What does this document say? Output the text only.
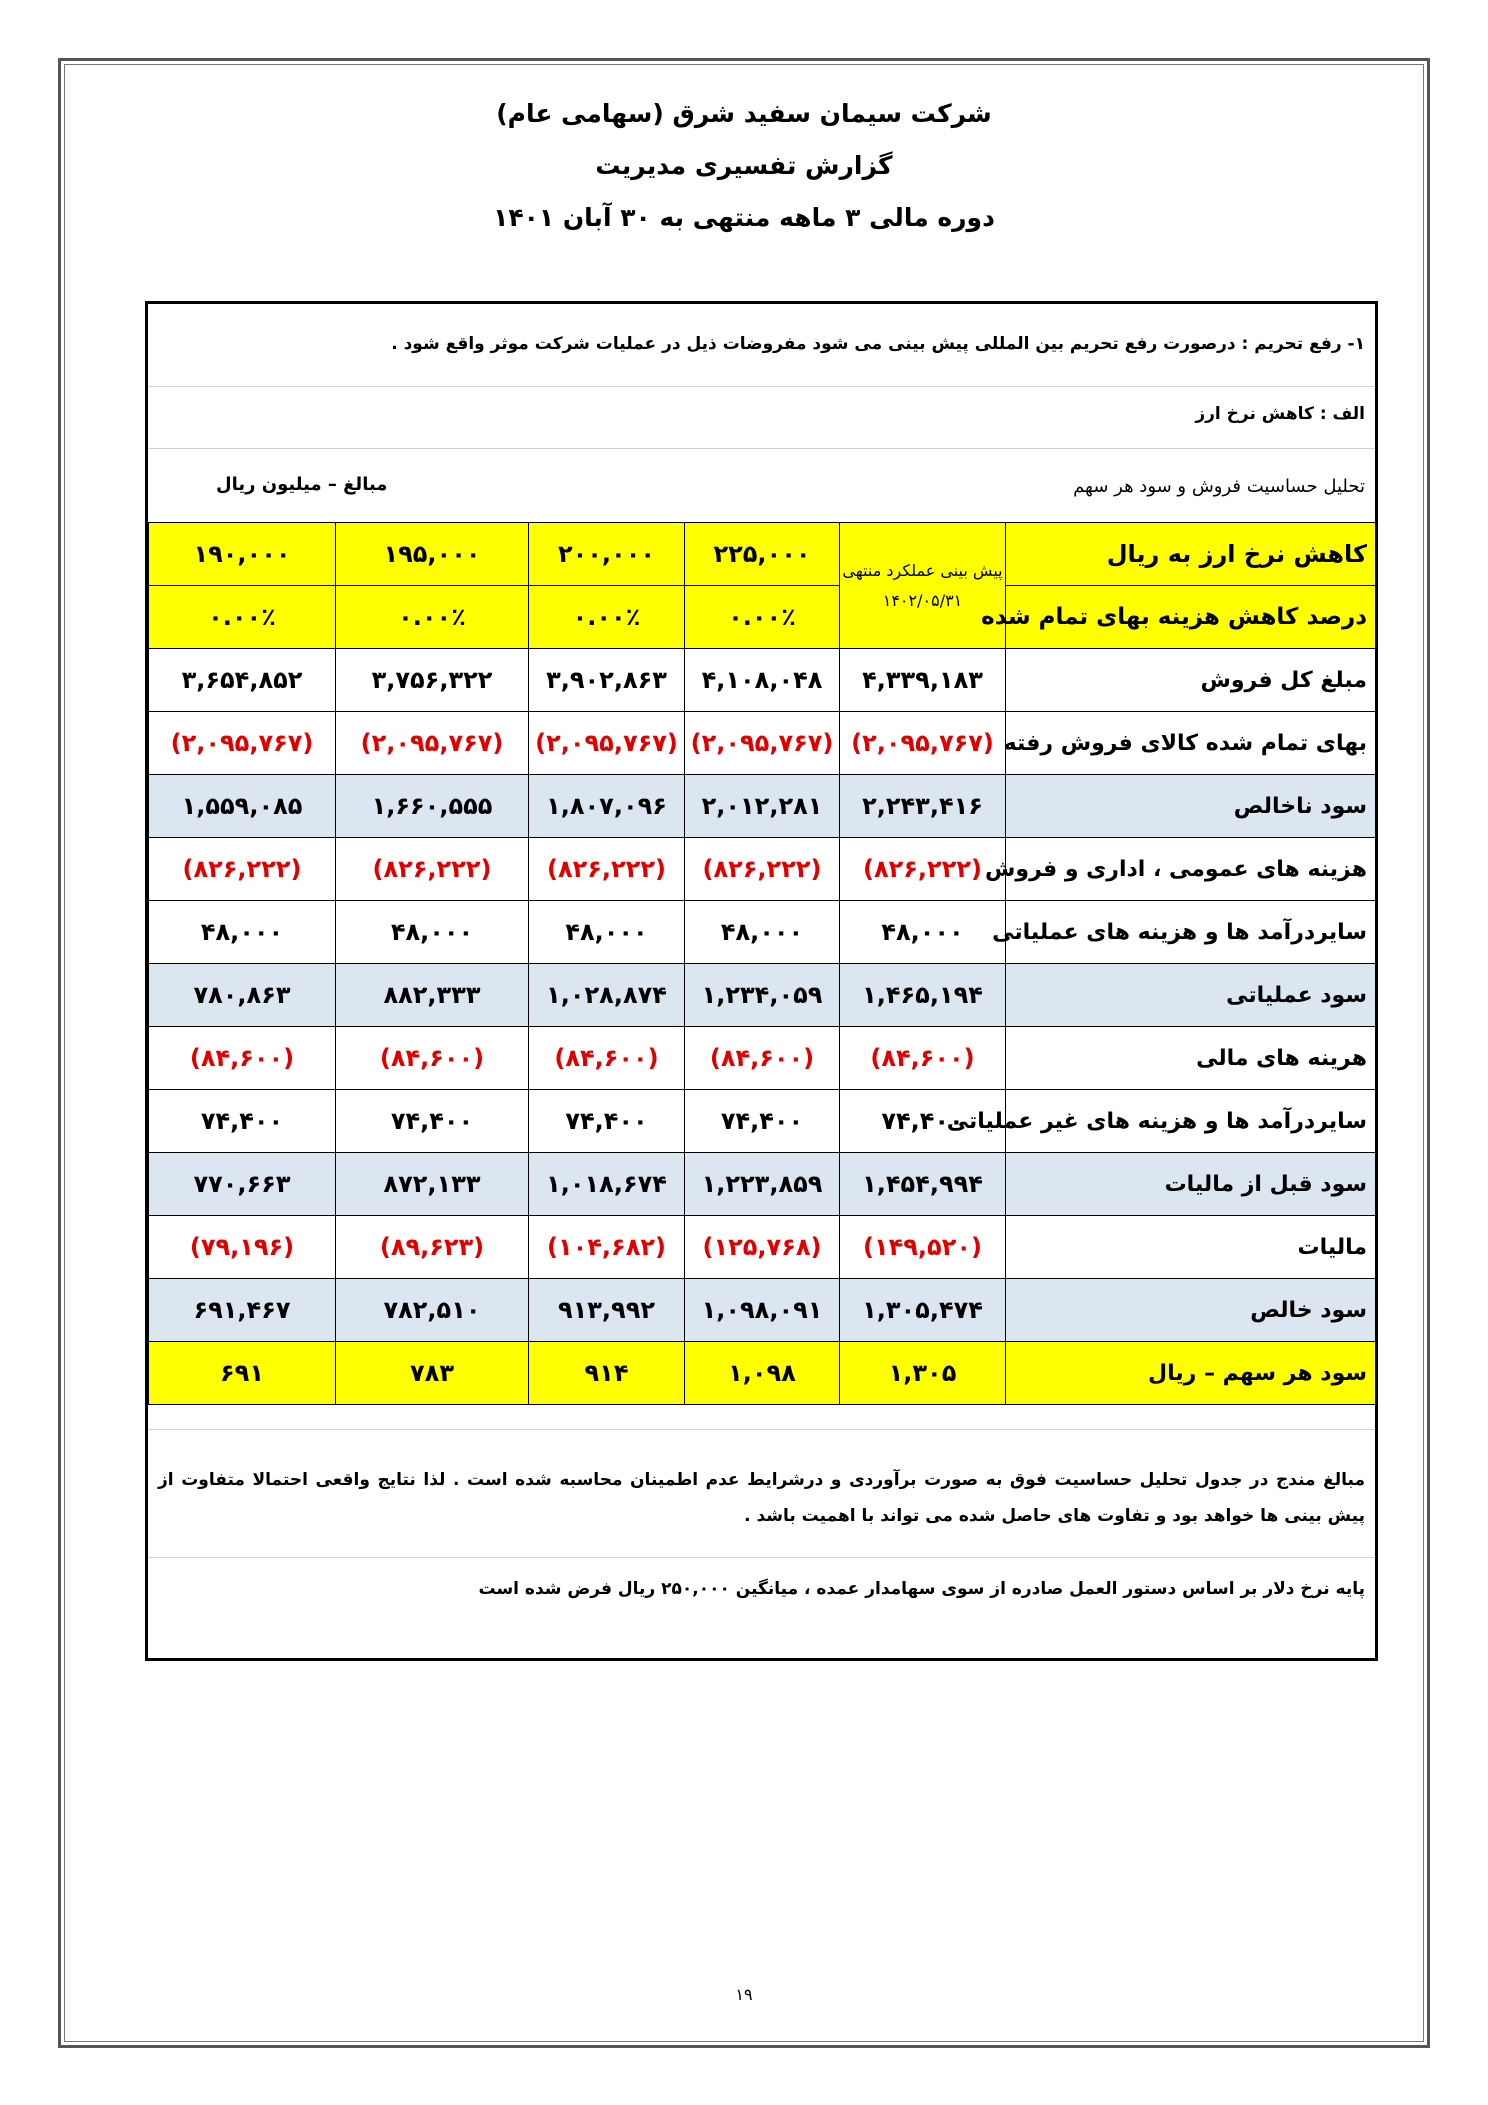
شرکت سیمان سفید شرق (سهامی عام)
گزارش تفسیری مدیریت
دوره مالی ۳ ماهه منتهی به ۳۰ آبان ۱۴۰۱
۱- رفع تحریم : درصورت رفع تحریم بین المللی پیش بینی می شود مفروضات ذیل در عملیات شرکت موثر واقع شود .
الف : کاهش نرخ ارز
تحلیل حساسیت فروش و سود هر سهم
مبالغ – میلیون ریال
کاهش نرخ ارز به ریال	پیش بینی عملکرد منتهی ۱۴۰۲/۰۵/۳۱	۲۲۵,۰۰۰	۲۰۰,۰۰۰	۱۹۵,۰۰۰	۱۹۰,۰۰۰
درصد کاهش هزینه بهای تمام شده		۰.۰۰٪	۰.۰۰٪	۰.۰۰٪	۰.۰۰٪
مبلغ کل فروش	۴,۳۳۹,۱۸۳	۴,۱۰۸,۰۴۸	۳,۹۰۲,۸۶۳	۳,۷۵۶,۳۲۲	۳,۶۵۴,۸۵۲
بهای تمام شده کالای فروش رفته	(۲,۰۹۵,۷۶۷)	(۲,۰۹۵,۷۶۷)	(۲,۰۹۵,۷۶۷)	(۲,۰۹۵,۷۶۷)	(۲,۰۹۵,۷۶۷)
سود ناخالص	۲,۲۴۳,۴۱۶	۲,۰۱۲,۲۸۱	۱,۸۰۷,۰۹۶	۱,۶۶۰,۵۵۵	۱,۵۵۹,۰۸۵
هزینه های عمومی ، اداری و فروش	(۸۲۶,۲۲۲)	(۸۲۶,۲۲۲)	(۸۲۶,۲۲۲)	(۸۲۶,۲۲۲)	(۸۲۶,۲۲۲)
سایردرآمد ها و هزینه های عملیاتی	۴۸,۰۰۰	۴۸,۰۰۰	۴۸,۰۰۰	۴۸,۰۰۰	۴۸,۰۰۰
سود عملیاتی	۱,۴۶۵,۱۹۴	۱,۲۳۴,۰۵۹	۱,۰۲۸,۸۷۴	۸۸۲,۳۳۳	۷۸۰,۸۶۳
هرینه های مالی	(۸۴,۶۰۰)	(۸۴,۶۰۰)	(۸۴,۶۰۰)	(۸۴,۶۰۰)	(۸۴,۶۰۰)
سایردرآمد ها و هزینه های غیر عملیاتی	۷۴,۴۰۰	۷۴,۴۰۰	۷۴,۴۰۰	۷۴,۴۰۰	۷۴,۴۰۰
سود قبل از مالیات	۱,۴۵۴,۹۹۴	۱,۲۲۳,۸۵۹	۱,۰۱۸,۶۷۴	۸۷۲,۱۳۳	۷۷۰,۶۶۳
مالیات	(۱۴۹,۵۲۰)	(۱۲۵,۷۶۸)	(۱۰۴,۶۸۲)	(۸۹,۶۲۳)	(۷۹,۱۹۶)
سود خالص	۱,۳۰۵,۴۷۴	۱,۰۹۸,۰۹۱	۹۱۳,۹۹۲	۷۸۲,۵۱۰	۶۹۱,۴۶۷
سود هر سهم – ریال	۱,۳۰۵	۱,۰۹۸	۹۱۴	۷۸۳	۶۹۱
مبالغ مندج در جدول تحلیل حساسیت فوق به صورت برآوردی و درشرایط عدم اطمینان محاسبه شده است . لذا نتایج واقعی احتمالا متفاوت از پیش بینی ها خواهد بود و تفاوت های حاصل شده می تواند با اهمیت باشد .
پایه نرخ دلار بر اساس دستور العمل صادره از سوی سهامدار عمده ، میانگین ۲۵۰,۰۰۰ ریال فرض شده است
۱۹
